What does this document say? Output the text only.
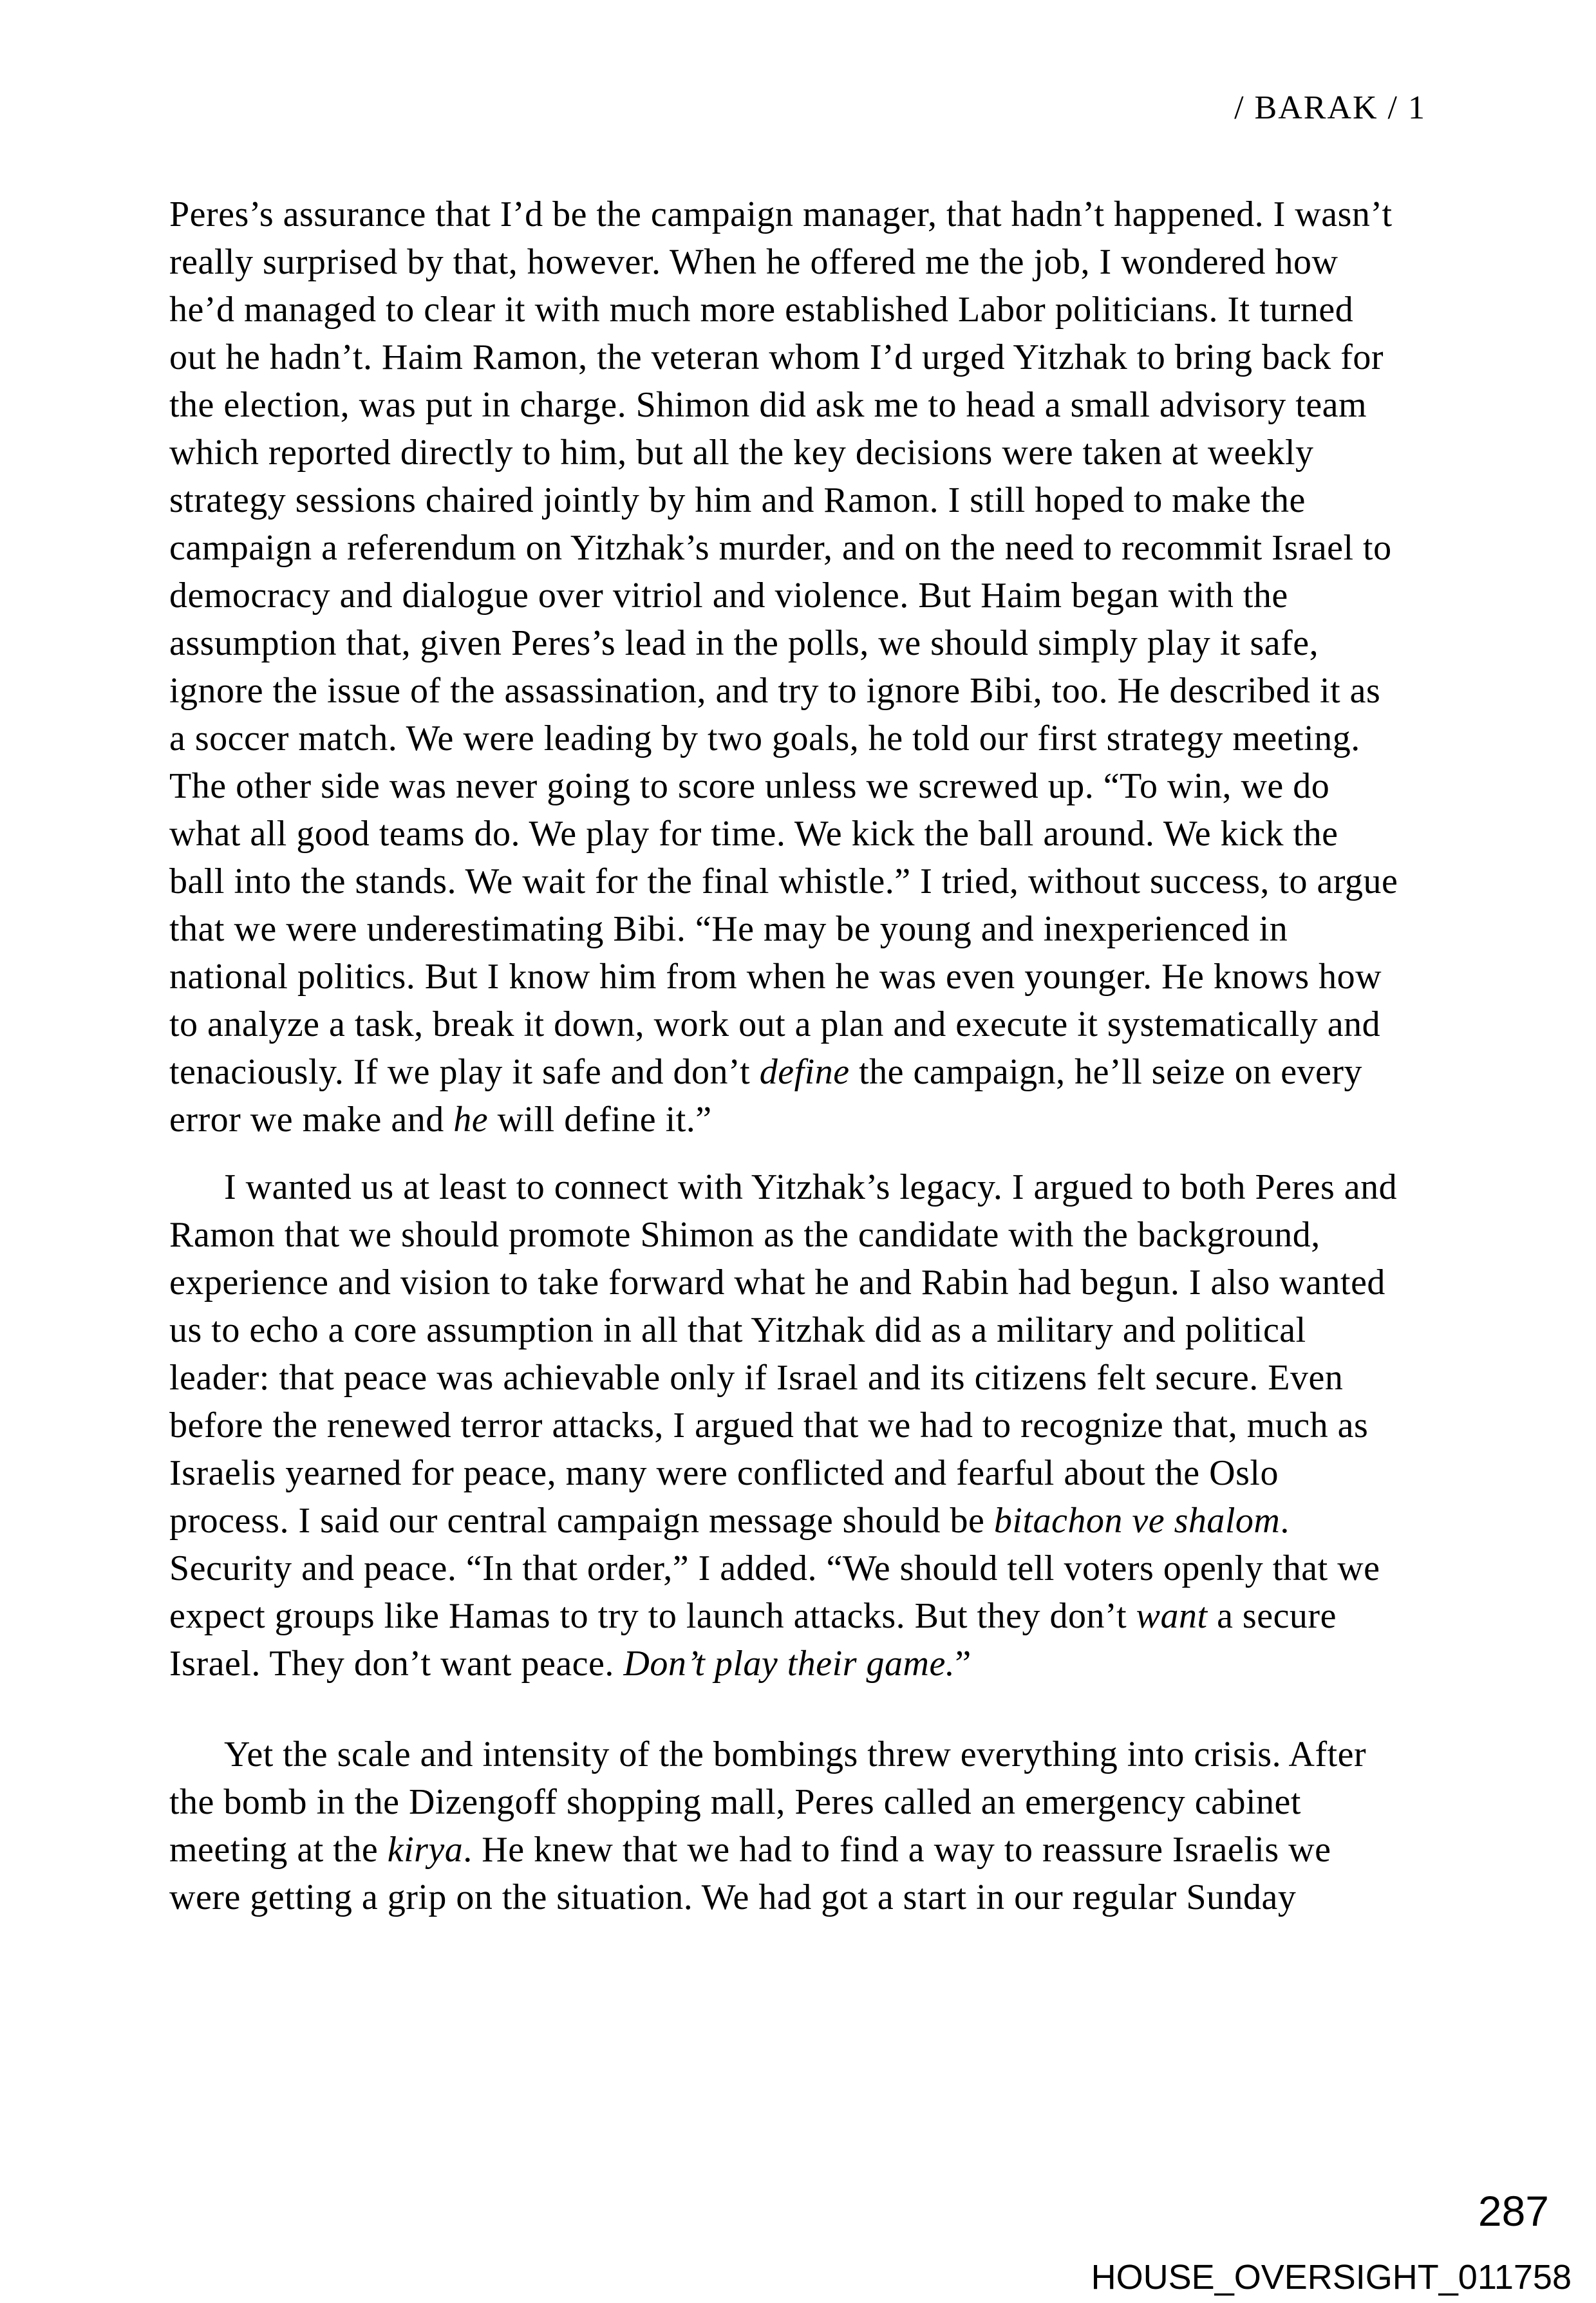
/ BARAK / 1
Peres’s assurance that I’d be the campaign manager, that hadn’t happened. I wasn’t
really surprised by that, however. When he offered me the job, I wondered how
he’d managed to clear it with much more established Labor politicians. It turned
out he hadn’t. Haim Ramon, the veteran whom I’d urged Yitzhak to bring back for
the election, was put in charge. Shimon did ask me to head a small advisory team
which reported directly to him, but all the key decisions were taken at weekly
strategy sessions chaired jointly by him and Ramon. I still hoped to make the
campaign a referendum on Yitzhak’s murder, and on the need to recommit Israel to
democracy and dialogue over vitriol and violence. But Haim began with the
assumption that, given Peres’s lead in the polls, we should simply play it safe,
ignore the issue of the assassination, and try to ignore Bibi, too. He described it as
a soccer match. We were leading by two goals, he told our first strategy meeting.
The other side was never going to score unless we screwed up. “To win, we do
what all good teams do. We play for time. We kick the ball around. We kick the
ball into the stands. We wait for the final whistle.” I tried, without success, to argue
that we were underestimating Bibi. “He may be young and inexperienced in
national politics. But I know him from when he was even younger. He knows how
to analyze a task, break it down, work out a plan and execute it systematically and
tenaciously. If we play it safe and don’t define the campaign, he’ll seize on every
error we make and he will define it.”
I wanted us at least to connect with Yitzhak’s legacy. I argued to both Peres and
Ramon that we should promote Shimon as the candidate with the background,
experience and vision to take forward what he and Rabin had begun. I also wanted
us to echo a core assumption in all that Yitzhak did as a military and political
leader: that peace was achievable only if Israel and its citizens felt secure. Even
before the renewed terror attacks, I argued that we had to recognize that, much as
Israelis yearned for peace, many were conflicted and fearful about the Oslo
process. I said our central campaign message should be bitachon ve shalom.
Security and peace. “In that order,” I added. “We should tell voters openly that we
expect groups like Hamas to try to launch attacks. But they don’t want a secure
Israel. They don’t want peace. Don’t play their game.”
Yet the scale and intensity of the bombings threw everything into crisis. After
the bomb in the Dizengoff shopping mall, Peres called an emergency cabinet
meeting at the kirya. He knew that we had to find a way to reassure Israelis we
were getting a grip on the situation. We had got a start in our regular Sunday
287
HOUSE_OVERSIGHT_011758
